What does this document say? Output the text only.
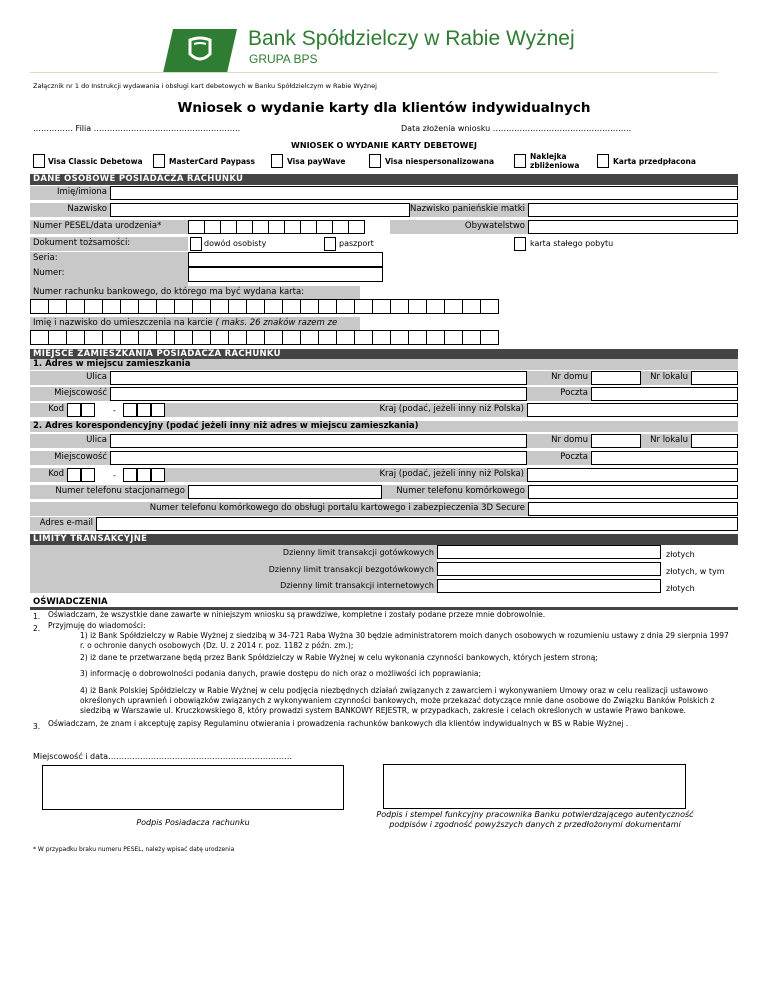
Bank Spółdzielczy w Rabie Wyżnej
GRUPA BPS
Załącznik nr 1 do Instrukcji wydawania i obsługi kart debetowych w Banku Spółdzielczym w Rabie Wyżnej
Wniosek o wydanie karty dla klientów indywidualnych
…………… Filia ……………………………………………….	Data złożenia wniosku …………………………………………….
WNIOSEK O WYDANIE KARTY DEBETOWEJ
Visa Classic Debetowa	MasterCard Paypass	Visa payWave	Visa niespersonalizowana
Naklejka zbliżeniowa	Karta przedpłacona
DANE OSOBOWE POSIADACZA RACHUNKU
Imię/imiona
Nazwisko	Nazwisko panieńskie matki
Numer PESEL/data urodzenia*	Obywatelstwo
Dokument tożsamości:	dowód osobisty	paszport	karta stałego pobytu
Seria:
Numer:
Numer rachunku bankowego, do którego ma być wydana karta:
Imię i nazwisko do umieszczenia na karcie ( maks. 26 znaków razem ze
MIEJSCE ZAMIESZKANIA POSIADACZA RACHUNKU
1. Adres w miejscu zamieszkania
Ulica	Nr domu	Nr lokalu
Miejscowość	Poczta
Kod	-	Kraj (podać, jeżeli inny niż Polska)
2. Adres korespondencyjny (podać jeżeli inny niż adres w miejscu zamieszkania)
Ulica	Nr domu	Nr lokalu
Miejscowość	Poczta
Kod	-	Kraj (podać, jeżeli inny niż Polska)
Numer telefonu stacjonarnego	Numer telefonu komórkowego
Numer telefonu komórkowego do obsługi portalu kartowego i zabezpieczenia 3D Secure
Adres e-mail
LIMITY TRANSAKCYJNE
Dzienny limit transakcji gotówkowych	złotych
Dzienny limit transakcji bezgotówkowych	złotych, w tym
Dzienny limit transakcji internetowych	złotych
OŚWIADCZENIA
1. Oświadczam, że wszystkie dane zawarte w niniejszym wniosku są prawdziwe, kompletne i zostały podane przeze mnie dobrowolnie.
2. Przyjmuję do wiadomości:
1) iż Bank Spółdzielczy w Rabie Wyżnej z siedzibą w 34-721 Raba Wyżna 30 będzie administratorem moich danych osobowych w rozumieniu ustawy z dnia 29 sierpnia 1997 r. o ochronie danych osobowych (Dz. U. z 2014 r. poz. 1182 z późn. zm.);
2) iż dane te przetwarzane będą przez Bank Spółdzielczy w Rabie Wyżnej w celu wykonania czynności bankowych, których jestem stroną;
3) informację o dobrowolności podania danych, prawie dostępu do nich oraz o możliwości ich poprawiania;
4) iż Bank Polskiej Spółdzielczy w Rabie Wyżnej w celu podjęcia niezbędnych działań związanych z zawarciem i wykonywaniem Umowy oraz w celu realizacji ustawowo określonych uprawnień i obowiązków związanych z wykonywaniem czynności bankowych, może przekazać dotyczące mnie dane osobowe do Związku Banków Polskich z siedzibą w Warszawie ul. Kruczkowskiego 8, który prowadzi system BANKOWY REJESTR, w przypadkach, zakresie i celach określonych w ustawie Prawo bankowe.
3. Oświadczam, że znam i akceptuję zapisy Regulaminu otwierania i prowadzenia rachunków bankowych dla klientów indywidualnych w BS w Rabie Wyżnej .
Miejscowość i data……………………………………………………………
Podpis Posiadacza rachunku
Podpis i stempel funkcyjny pracownika Banku potwierdzającego autentyczność podpisów i zgodność powyższych danych z przedłożonymi dokumentami
* W przypadku braku numeru PESEL, należy wpisać datę urodzenia
